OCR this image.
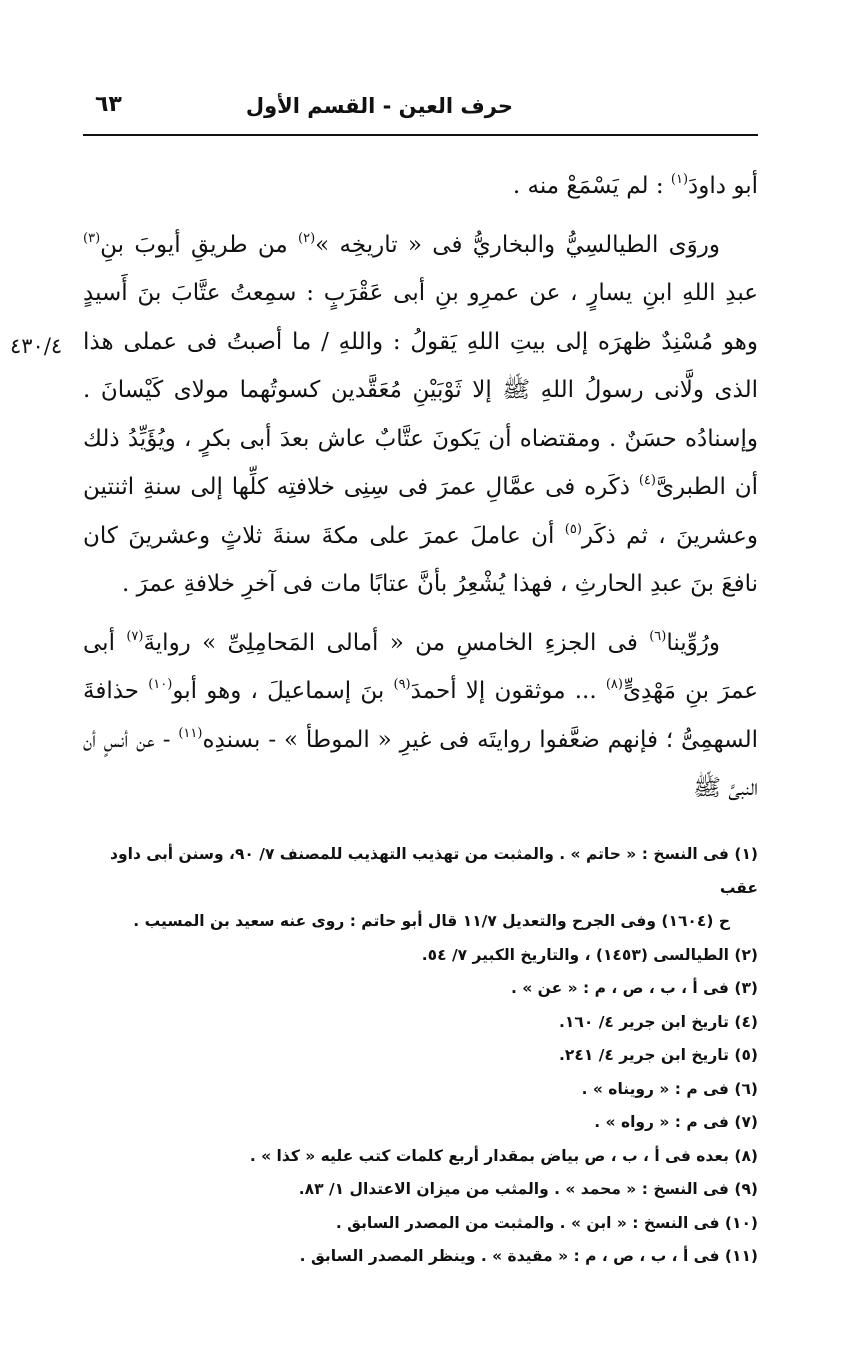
حرف العين - القسم الأول
٦٣
٤٣٠/٤

أبو داودَ$^{(١)}$ : لم يَسْمَعْ منه .

وروَى الطيالسِيُّ والبخاريُّ فى « تاريخِه »$^{(٢)}$ من طريقِ أيوبَ بنِ$^{(٣)}$ عبدِ اللهِ ابنِ يسارٍ ، عن عمرِو بنِ أبى عَقْرَبٍ : سمِعتُ عتَّابَ بنَ أَسيدٍ وهو مُسْنِدٌ ظهرَه إلى بيتِ اللهِ يَقولُ : واللهِ / ما أصبتُ فى عملى هذا الذى ولَّانى رسولُ اللهِ ﷺ إلا ثَوْبَيْنِ مُعَقَّدين كسوتُهما مولاى كَيْسانَ . وإسنادُه حسَنٌ . ومقتضاه أن يَكونَ عتَّابٌ عاش بعدَ أبى بكرٍ ، ويُؤَيِّدُ ذلك أن الطبرىَّ$^{(٤)}$ ذكَره فى عمَّالِ عمرَ فى سِنِى خلافتِه كلِّها إلى سنةِ اثنتين وعشرينَ ، ثم ذكَر$^{(٥)}$ أن عاملَ عمرَ على مكةَ سنةَ ثلاثٍ وعشرينَ كان نافعَ بنَ عبدِ الحارثِ ، فهذا يُشْعِرُ بأنَّ عتابًا مات فى آخرِ خلافةِ عمرَ .

ورُوِّينا$^{(٦)}$ فى الجزءِ الخامسِ من « أمالى المَحامِلِىِّ » روايةَ$^{(٧)}$ أبى عمرَ بنِ مَهْدِىٍّ$^{(٨)}$ ... موثقون إلا أحمدَ$^{(٩)}$ بنَ إسماعيلَ ، وهو أبو$^{(١٠)}$ حذافةَ السهمِىُّ ؛ فإنهم ضعَّفوا روايتَه فى غيرِ « الموطأ » - بسندِه$^{(١١)}$ - عن أنسٍ أن النبىَّ ﷺ

(١) فى النسخ : « حاتم » . والمثبت من تهذيب التهذيب للمصنف ٧/ ٩٠، وسنن أبى داود عقب

ح (١٦٠٤) وفى الجرح والتعديل ١١/٧ قال أبو حاتم : روى عنه سعيد بن المسيب .

(٢) الطيالسى (١٤٥٣) ، والتاريخ الكبير ٧/ ٥٤.

(٣) فى أ ، ب ، ص ، م : « عن » .

(٤) تاريخ ابن جرير ٤/ ١٦٠.

(٥) تاريخ ابن جرير ٤/ ٢٤١.

(٦) فى م : « رويناه » .

(٧) فى م : « رواه » .

(٨) بعده فى أ ، ب ، ص بياض بمقدار أربع كلمات كتب عليه « كذا » .

(٩) فى النسخ : « محمد » . والمثب من ميزان الاعتدال ١/ ٨٣.

(١٠) فى النسخ : « ابن » . والمثبت من المصدر السابق .

(١١) فى أ ، ب ، ص ، م : « مقيدة » . وينظر المصدر السابق .
